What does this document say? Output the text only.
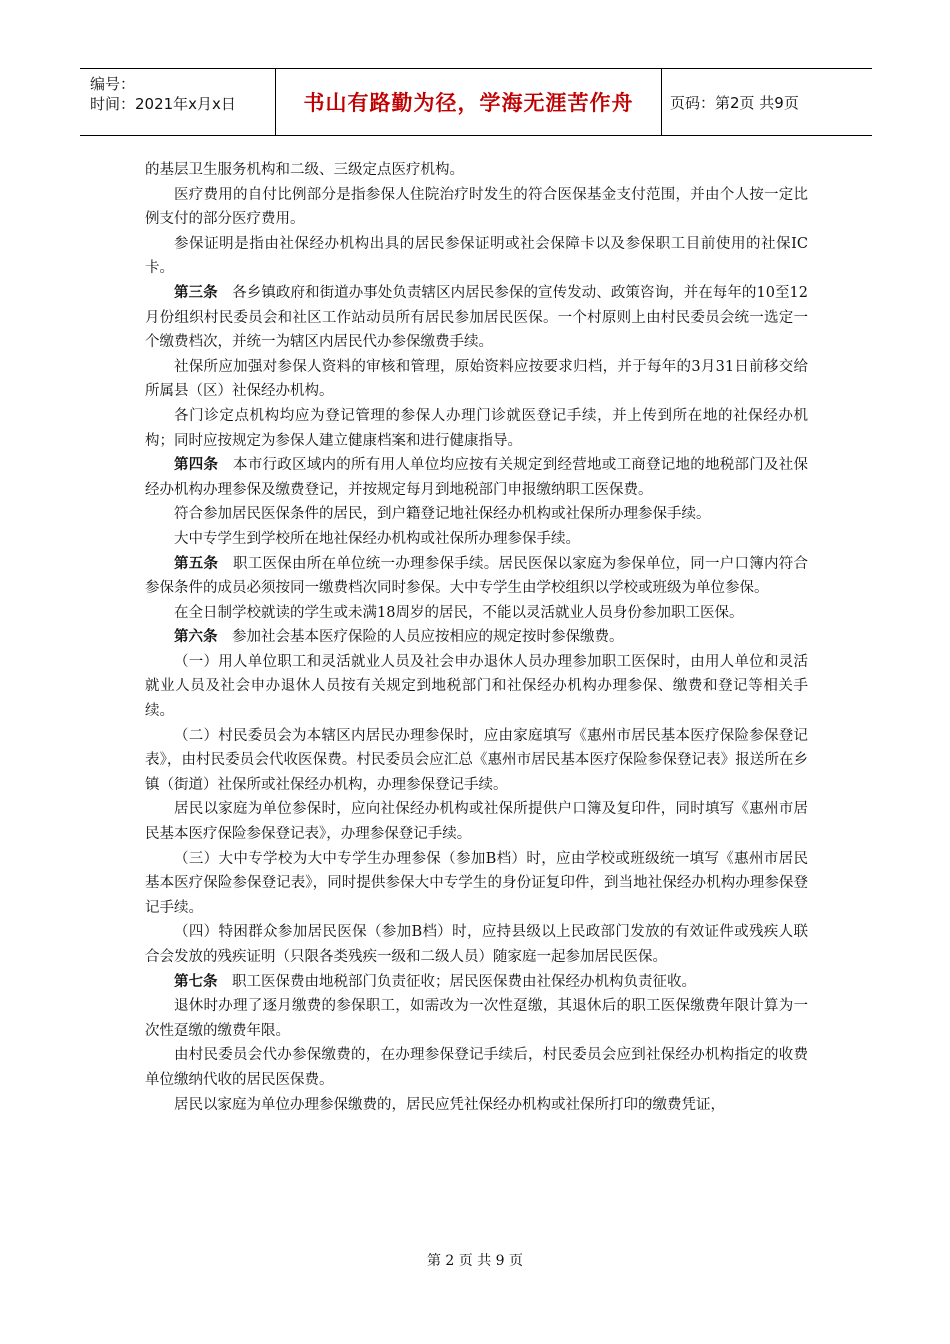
编号：
时间：2021年x月x日	书山有路勤为径，学海无涯苦作舟	页码：第2页 共9页

的基层卫生服务机构和二级、三级定点医疗机构。

医疗费用的自付比例部分是指参保人住院治疗时发生的符合医保基金支付范围，并由个人按一定比例支付的部分医疗费用。

参保证明是指由社保经办机构出具的居民参保证明或社会保障卡以及参保职工目前使用的社保IC卡。

第三条　各乡镇政府和街道办事处负责辖区内居民参保的宣传发动、政策咨询，并在每年的10至12月份组织村民委员会和社区工作站动员所有居民参加居民医保。一个村原则上由村民委员会统一选定一个缴费档次，并统一为辖区内居民代办参保缴费手续。

社保所应加强对参保人资料的审核和管理，原始资料应按要求归档，并于每年的3月31日前移交给所属县（区）社保经办机构。

各门诊定点机构均应为登记管理的参保人办理门诊就医登记手续，并上传到所在地的社保经办机构；同时应按规定为参保人建立健康档案和进行健康指导。

第四条　本市行政区域内的所有用人单位均应按有关规定到经营地或工商登记地的地税部门及社保经办机构办理参保及缴费登记，并按规定每月到地税部门申报缴纳职工医保费。

符合参加居民医保条件的居民，到户籍登记地社保经办机构或社保所办理参保手续。

大中专学生到学校所在地社保经办机构或社保所办理参保手续。

第五条　职工医保由所在单位统一办理参保手续。居民医保以家庭为参保单位，同一户口簿内符合参保条件的成员必须按同一缴费档次同时参保。大中专学生由学校组织以学校或班级为单位参保。

在全日制学校就读的学生或未满18周岁的居民，不能以灵活就业人员身份参加职工医保。

第六条　参加社会基本医疗保险的人员应按相应的规定按时参保缴费。

（一）用人单位职工和灵活就业人员及社会申办退休人员办理参加职工医保时，由用人单位和灵活就业人员及社会申办退休人员按有关规定到地税部门和社保经办机构办理参保、缴费和登记等相关手续。

（二）村民委员会为本辖区内居民办理参保时，应由家庭填写《惠州市居民基本医疗保险参保登记表》，由村民委员会代收医保费。村民委员会应汇总《惠州市居民基本医疗保险参保登记表》报送所在乡镇（街道）社保所或社保经办机构，办理参保登记手续。

居民以家庭为单位参保时，应向社保经办机构或社保所提供户口簿及复印件，同时填写《惠州市居民基本医疗保险参保登记表》，办理参保登记手续。

（三）大中专学校为大中专学生办理参保（参加B档）时，应由学校或班级统一填写《惠州市居民基本医疗保险参保登记表》，同时提供参保大中专学生的身份证复印件，到当地社保经办机构办理参保登记手续。

（四）特困群众参加居民医保（参加B档）时，应持县级以上民政部门发放的有效证件或残疾人联合会发放的残疾证明（只限各类残疾一级和二级人员）随家庭一起参加居民医保。

第七条　职工医保费由地税部门负责征收；居民医保费由社保经办机构负责征收。

退休时办理了逐月缴费的参保职工，如需改为一次性趸缴，其退休后的职工医保缴费年限计算为一次性趸缴的缴费年限。

由村民委员会代办参保缴费的，在办理参保登记手续后，村民委员会应到社保经办机构指定的收费单位缴纳代收的居民医保费。

居民以家庭为单位办理参保缴费的，居民应凭社保经办机构或社保所打印的缴费凭证，

第 2 页 共 9 页
